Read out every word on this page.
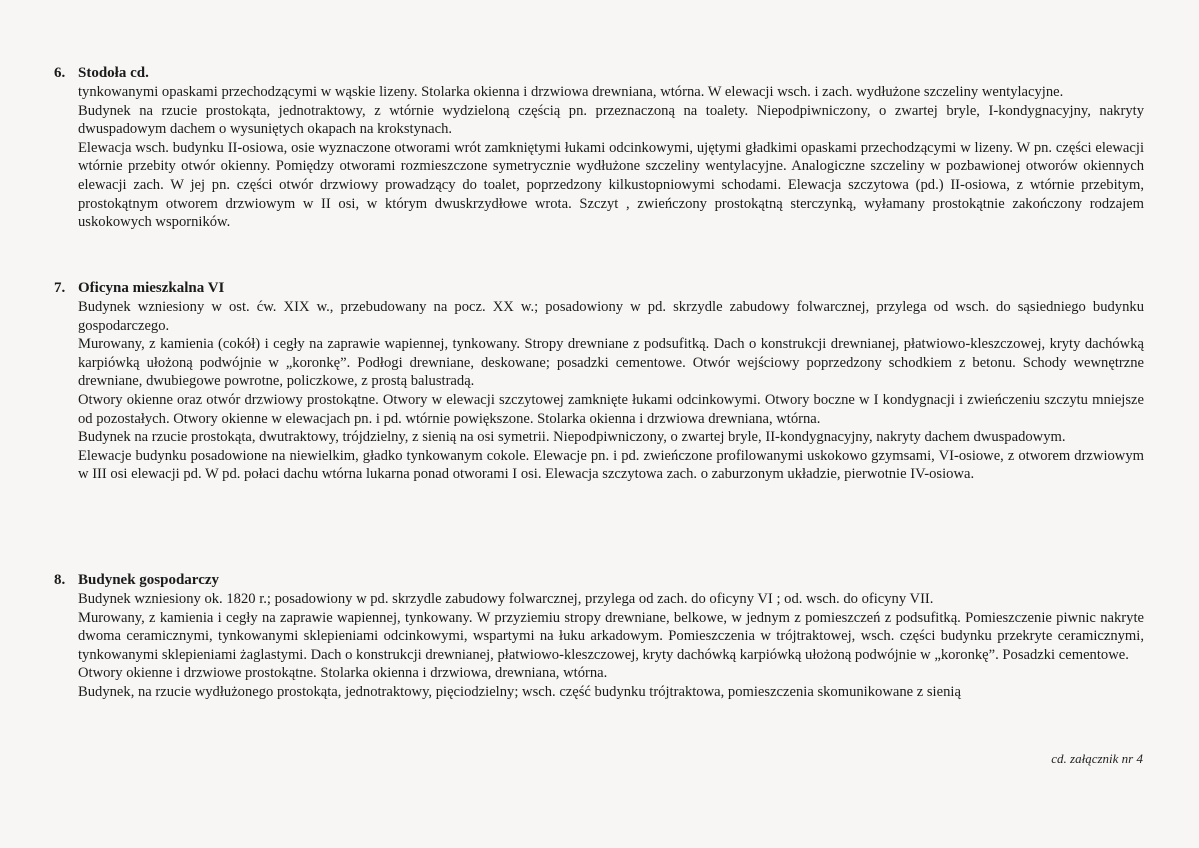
6. Stodoła cd.

tynkowanymi opaskami przechodzącymi w wąskie lizeny. Stolarka okienna i drzwiowa drewniana, wtórna. W elewacji wsch. i zach. wydłużone szczeliny wentylacyjne.

Budynek na rzucie prostokąta, jednotraktowy, z wtórnie wydzieloną częścią pn. przeznaczoną na toalety. Niepodpiwniczony, o zwartej bryle, I-kondygnacyjny, nakryty dwuspadowym dachem o wysuniętych okapach na krokstynach.

Elewacja wsch. budynku II-osiowa, osie wyznaczone otworami wrót zamkniętymi łukami odcinkowymi, ujętymi gładkimi opaskami przechodzącymi w lizeny. W pn. części elewacji wtórnie przebity otwór okienny. Pomiędzy otworami rozmieszczone symetrycznie wydłużone szczeliny wentylacyjne. Analogiczne szczeliny w pozbawionej otworów okiennych elewacji zach. W jej pn. części otwór drzwiowy prowadzący do toalet, poprzedzony kilkustopniowymi schodami. Elewacja szczytowa (pd.) II-osiowa, z wtórnie przebitym, prostokątnym otworem drzwiowym w II osi, w którym dwuskrzydłowe wrota. Szczyt , zwieńczony prostokątną sterczynką, wyłamany prostokątnie zakończony rodzajem uskokowych wsporników.

7. Oficyna mieszkalna VI

Budynek wzniesiony w ost. ćw. XIX w., przebudowany na pocz. XX w.; posadowiony w pd. skrzydle zabudowy folwarcznej, przylega od wsch. do sąsiedniego budynku gospodarczego.

Murowany, z kamienia (cokół) i cegły na zaprawie wapiennej, tynkowany. Stropy drewniane z podsufitką. Dach o konstrukcji drewnianej, płatwiowo-kleszczowej, kryty dachówką karpiówką ułożoną podwójnie w „koronkę”. Podłogi drewniane, deskowane; posadzki cementowe. Otwór wejściowy poprzedzony schodkiem z betonu. Schody wewnętrzne drewniane, dwubiegowe powrotne, policzkowe, z prostą balustradą.

Otwory okienne oraz otwór drzwiowy prostokątne. Otwory w elewacji szczytowej zamknięte łukami odcinkowymi. Otwory boczne w I kondygnacji i zwieńczeniu szczytu mniejsze od pozostałych. Otwory okienne w elewacjach pn. i pd. wtórnie powiększone. Stolarka okienna i drzwiowa drewniana, wtórna.

Budynek na rzucie prostokąta, dwutraktowy, trójdzielny, z sienią na osi symetrii. Niepodpiwniczony, o zwartej bryle, II-kondygnacyjny, nakryty dachem dwuspadowym.

Elewacje budynku posadowione na niewielkim, gładko tynkowanym cokole. Elewacje pn. i pd. zwieńczone profilowanymi uskokowo gzymsami, VI-osiowe, z otworem drzwiowym w III osi elewacji pd. W pd. połaci dachu wtórna lukarna ponad otworami I osi. Elewacja szczytowa zach. o zaburzonym układzie, pierwotnie IV-osiowa.

8. Budynek gospodarczy

Budynek wzniesiony ok. 1820 r.; posadowiony w pd. skrzydle zabudowy folwarcznej, przylega od zach. do oficyny VI ; od. wsch. do oficyny VII.

Murowany, z kamienia i cegły na zaprawie wapiennej, tynkowany. W przyziemiu stropy drewniane, belkowe, w jednym z pomieszczeń z podsufitką. Pomieszczenie piwnic nakryte dwoma ceramicznymi, tynkowanymi sklepieniami odcinkowymi, wspartymi na łuku arkadowym. Pomieszczenia w trójtraktowej, wsch. części budynku przekryte ceramicznymi, tynkowanymi sklepieniami żaglastymi. Dach o konstrukcji drewnianej, płatwiowo-kleszczowej, kryty dachówką karpiówką ułożoną podwójnie w „koronkę”. Posadzki cementowe.

Otwory okienne i drzwiowe prostokątne. Stolarka okienna i drzwiowa, drewniana, wtórna.

Budynek, na rzucie wydłużonego prostokąta, jednotraktowy, pięciodzielny; wsch. część budynku trójtraktowa, pomieszczenia skomunikowane z sienią

cd. załącznik nr 4
